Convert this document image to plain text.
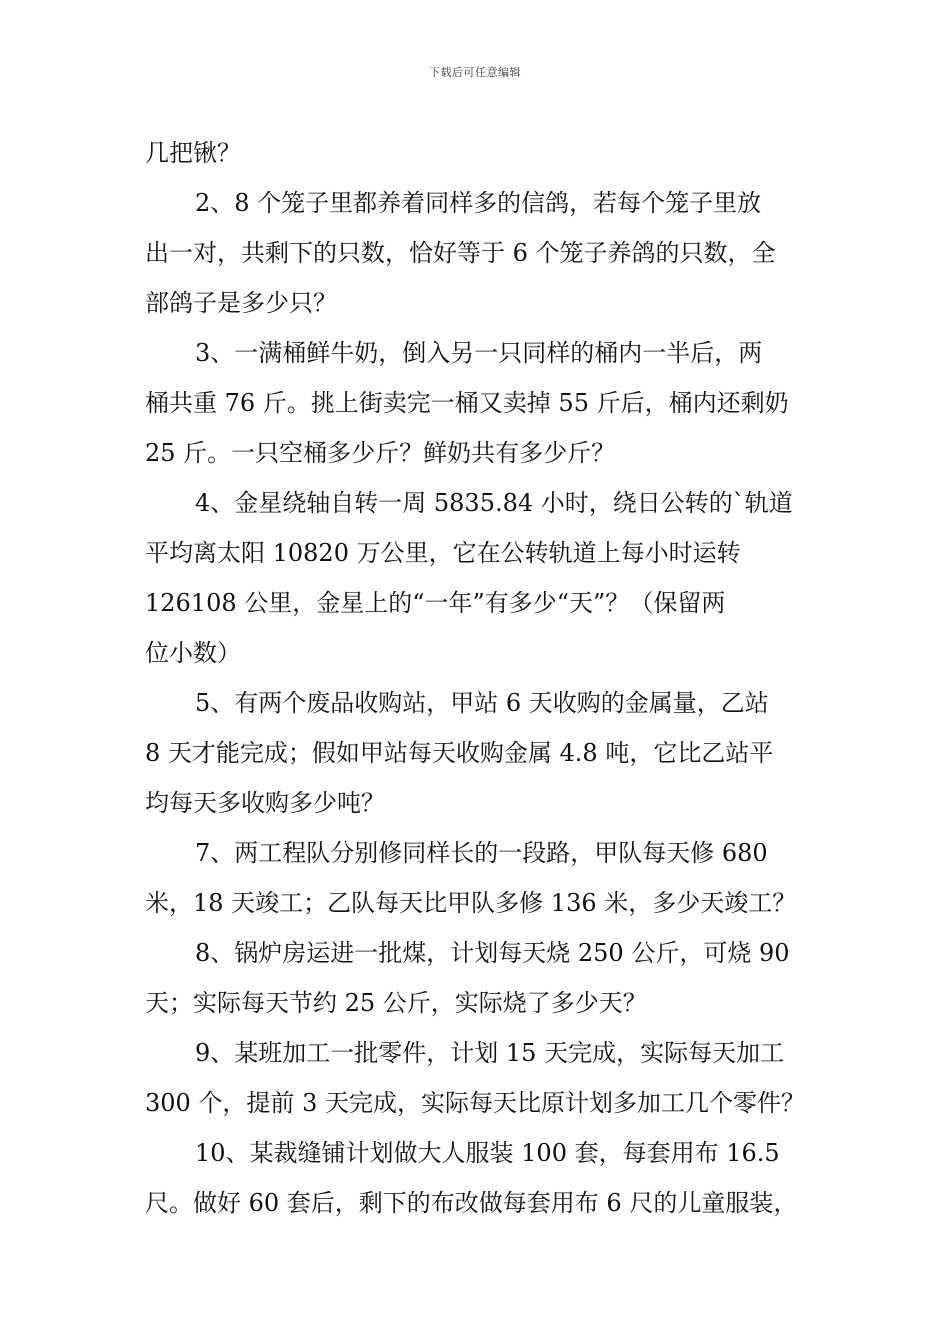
下载后可任意编辑
几把锹？
2、8 个笼子里都养着同样多的信鸽，若每个笼子里放
出一对，共剩下的只数，恰好等于 6 个笼子养鸽的只数，全
部鸽子是多少只？
3、一满桶鲜牛奶，倒入另一只同样的桶内一半后，两
桶共重 76 斤。挑上街卖完一桶又卖掉 55 斤后，桶内还剩奶
25 斤。一只空桶多少斤？鲜奶共有多少斤？
4、金星绕轴自转一周 5835.84 小时，绕日公转的`轨道
平均离太阳 10820 万公里，它在公转轨道上每小时运转
126108 公里，金星上的“一年”有多少“天”？（保留两
位小数）
5、有两个废品收购站，甲站 6 天收购的金属量，乙站
8 天才能完成；假如甲站每天收购金属 4.8 吨，它比乙站平
均每天多收购多少吨？
7、两工程队分别修同样长的一段路，甲队每天修 680
米，18 天竣工；乙队每天比甲队多修 136 米，多少天竣工？
8、锅炉房运进一批煤，计划每天烧 250 公斤，可烧 90
天；实际每天节约 25 公斤，实际烧了多少天？
9、某班加工一批零件，计划 15 天完成，实际每天加工
300 个，提前 3 天完成，实际每天比原计划多加工几个零件？
10、某裁缝铺计划做大人服装 100 套，每套用布 16.5
尺。做好 60 套后，剩下的布改做每套用布 6 尺的儿童服装，
